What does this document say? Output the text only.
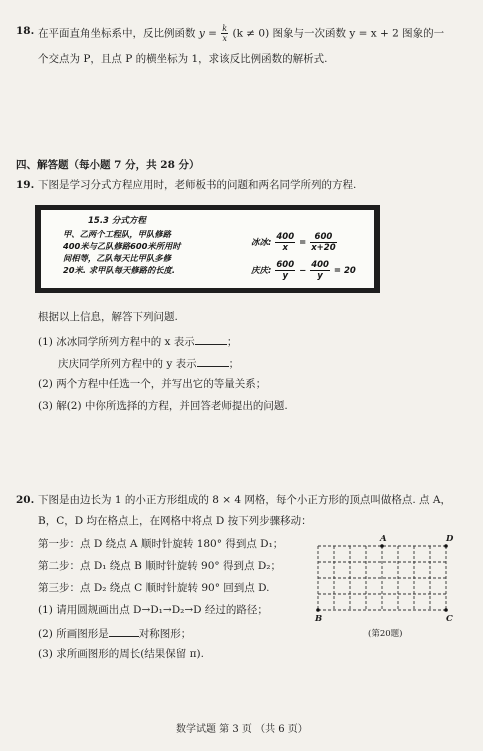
18. 在平面直角坐标系中，反比例函数 $y = \frac{k}{x} (k \ne 0)$ 图象与一次函数 y = x + 2 图象的一
个交点为 P，且点 P 的横坐标为 1，求该反比例函数的解析式.
四、解答题（每小题 7 分，共 28 分）
19. 下图是学习分式方程应用时，老师板书的问题和两名同学所列的方程.
15.3 分式方程
甲、乙两个工程队，甲队修路
400米与乙队修路600米所用时
间相等，乙队每天比甲队多修
20米. 求甲队每天修路的长度.
冰冰: $\frac{400}{x} = \frac{600}{x+20}$
庆庆: $\frac{600}{y} - \frac{400}{y} = 20$
根据以上信息，解答下列问题.
(1) 冰冰同学所列方程中的 x 表示	；
庆庆同学所列方程中的 y 表示	；
(2) 两个方程中任选一个，并写出它的等量关系；
(3) 解(2) 中你所选择的方程，并回答老师提出的问题.
20. 下图是由边长为 1 的小正方形组成的 8 × 4 网格，每个小正方形的顶点叫做格点. 点 A，
B，C，D 均在格点上，在网格中将点 D 按下列步骤移动：
第一步：点 D 绕点 A 顺时针旋转 180° 得到点 D₁；
第二步：点 D₁ 绕点 B 顺时针旋转 90° 得到点 D₂；
第三步：点 D₂ 绕点 C 顺时针旋转 90° 回到点 D.
(1) 请用圆规画出点 D→D₁→D₂→D 经过的路径；
(2) 所画图形是	对称图形；
(3) 求所画图形的周长(结果保留 π).
A	D
B	C
(第20题)
数学试题 第 3 页 （共 6 页）
